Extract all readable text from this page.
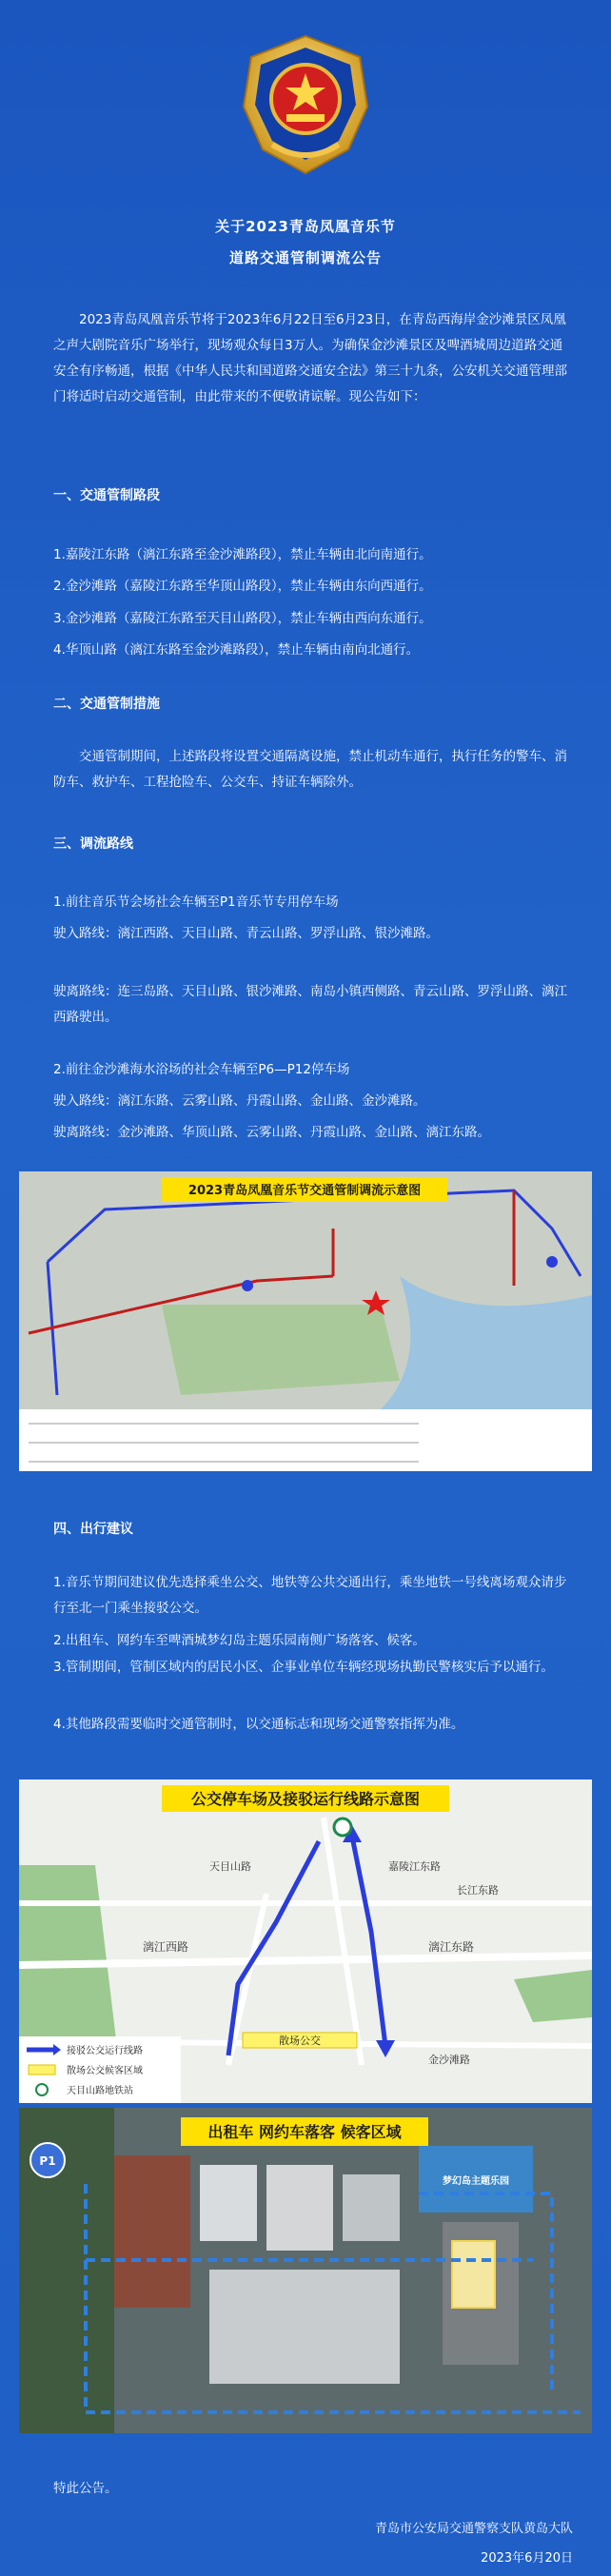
关于2023青岛凤凰音乐节
道路交通管制调流公告
2023青岛凤凰音乐节将于2023年6月22日至6月23日，在青岛西海岸金沙滩景区凤凰之声大剧院音乐广场举行，现场观众每日3万人。为确保金沙滩景区及啤酒城周边道路交通安全有序畅通，根据《中华人民共和国道路交通安全法》第三十九条，公安机关交通管理部门将适时启动交通管制，由此带来的不便敬请谅解。现公告如下：
一、交通管制路段
1.嘉陵江东路（漓江东路至金沙滩路段），禁止车辆由北向南通行。
2.金沙滩路（嘉陵江东路至华顶山路段），禁止车辆由东向西通行。
3.金沙滩路（嘉陵江东路至天目山路段），禁止车辆由西向东通行。
4.华顶山路（漓江东路至金沙滩路段），禁止车辆由南向北通行。
二、交通管制措施
交通管制期间，上述路段将设置交通隔离设施，禁止机动车通行，执行任务的警车、消防车、救护车、工程抢险车、公交车、持证车辆除外。
三、调流路线
1.前往音乐节会场社会车辆至P1音乐节专用停车场
驶入路线：漓江西路、天目山路、青云山路、罗浮山路、银沙滩路。
驶离路线：连三岛路、天目山路、银沙滩路、南岛小镇西侧路、青云山路、罗浮山路、漓江西路驶出。
2.前往金沙滩海水浴场的社会车辆至P6—P12停车场
驶入路线：漓江东路、云雾山路、丹霞山路、金山路、金沙滩路。
驶离路线：金沙滩路、华顶山路、云雾山路、丹霞山路、金山路、漓江东路。
2023青岛凤凰音乐节交通管制调流示意图
四、出行建议
1.音乐节期间建议优先选择乘坐公交、地铁等公共交通出行，乘坐地铁一号线离场观众请步行至北一门乘坐接驳公交。
2.出租车、网约车至啤酒城梦幻岛主题乐园南侧广场落客、候客。
3.管制期间，管制区域内的居民小区、企事业单位车辆经现场执勤民警核实后予以通行。
4.其他路段需要临时交通管制时，以交通标志和现场交通警察指挥为准。
散场公交
长江东路
漓江西路	漓江东路
金沙滩路
嘉陵江东路
天目山路
公交停车场及接驳运行线路示意图
接驳公交运行线路
散场公交候客区域
天目山路地铁站
P1
梦幻岛主题乐园
出租车 网约车落客 候客区域
特此公告。
青岛市公安局交通警察支队黄岛大队
2023年6月20日
